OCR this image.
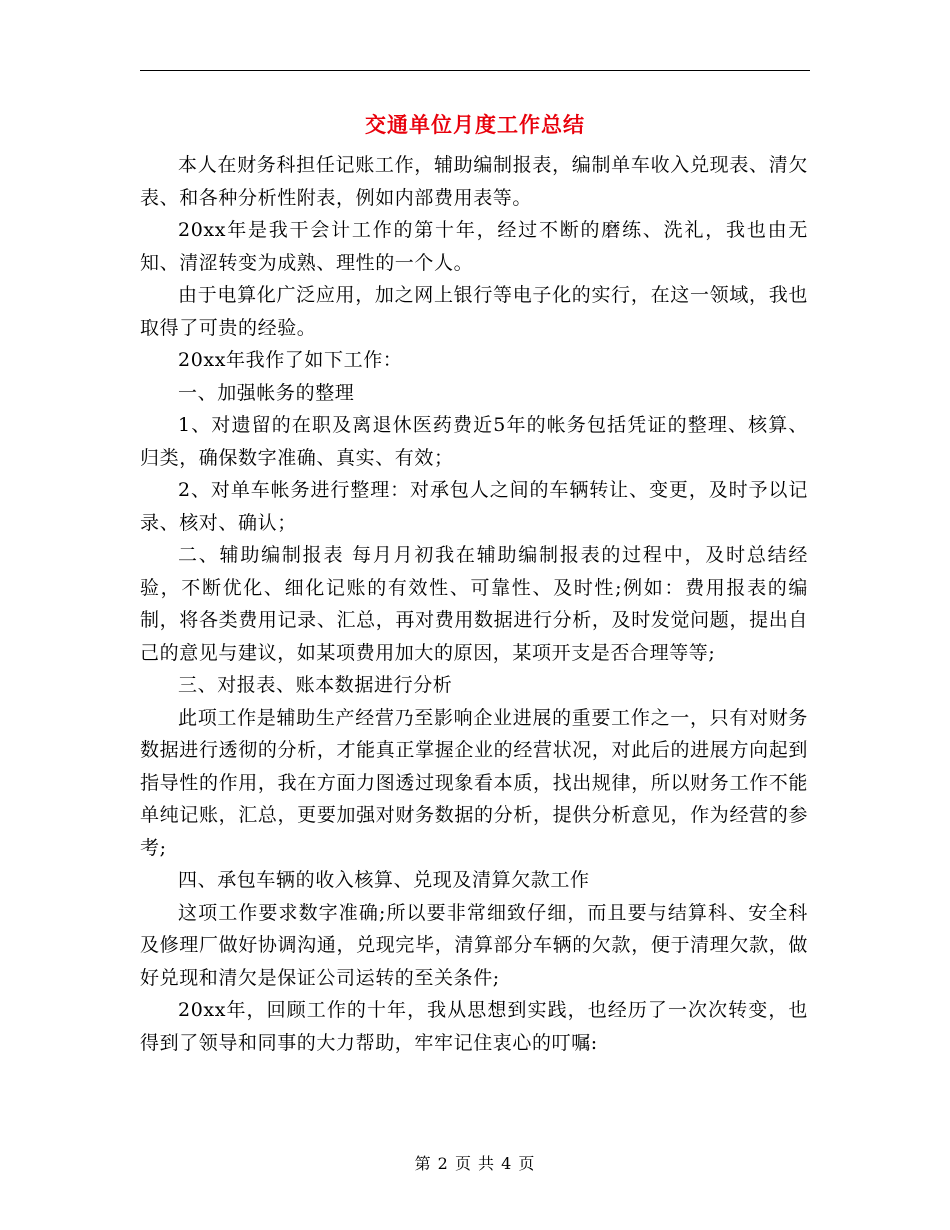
交通单位月度工作总结

本人在财务科担任记账工作，辅助编制报表，编制单车收入兑现表、清欠表、和各种分析性附表，例如内部费用表等。

20xx年是我干会计工作的第十年，经过不断的磨练、洗礼，我也由无知、清涩转变为成熟、理性的一个人。

由于电算化广泛应用，加之网上银行等电子化的实行，在这一领域，我也取得了可贵的经验。

20xx年我作了如下工作：

一、加强帐务的整理

1、对遗留的在职及离退休医药费近5年的帐务包括凭证的整理、核算、归类，确保数字准确、真实、有效；

2、对单车帐务进行整理：对承包人之间的车辆转让、变更，及时予以记录、核对、确认；

二、辅助编制报表 每月月初我在辅助编制报表的过程中，及时总结经验，不断优化、细化记账的有效性、可靠性、及时性;例如：费用报表的编制，将各类费用记录、汇总，再对费用数据进行分析，及时发觉问题，提出自己的意见与建议，如某项费用加大的原因，某项开支是否合理等等;

三、对报表、账本数据进行分析

此项工作是辅助生产经营乃至影响企业进展的重要工作之一，只有对财务数据进行透彻的分析，才能真正掌握企业的经营状况，对此后的进展方向起到指导性的作用，我在方面力图透过现象看本质，找出规律，所以财务工作不能单纯记账，汇总，更要加强对财务数据的分析，提供分析意见，作为经营的参考;

四、承包车辆的收入核算、兑现及清算欠款工作

这项工作要求数字准确;所以要非常细致仔细，而且要与结算科、安全科及修理厂做好协调沟通，兑现完毕，清算部分车辆的欠款，便于清理欠款，做好兑现和清欠是保证公司运转的至关条件;

20xx年，回顾工作的十年，我从思想到实践，也经历了一次次转变，也得到了领导和同事的大力帮助，牢牢记住衷心的叮嘱:

第 2 页 共 4 页
